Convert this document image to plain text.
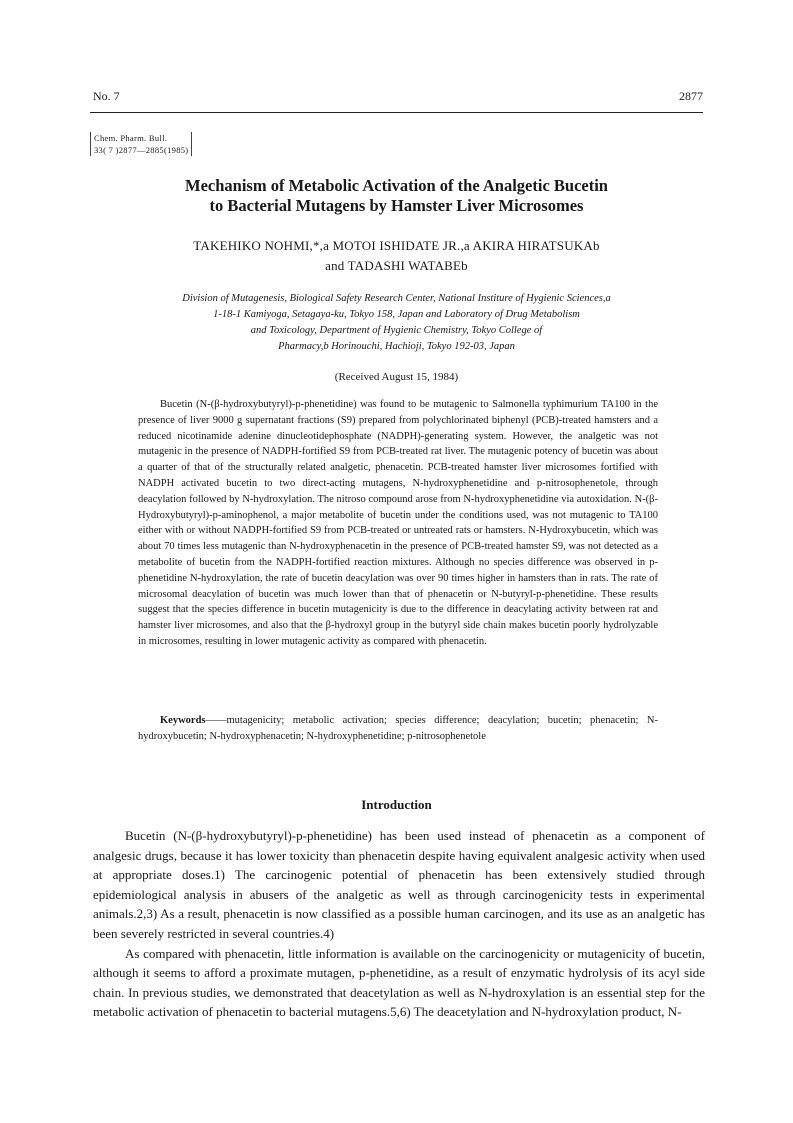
No. 7	2877
Chem. Pharm. Bull.
33( 7 )2877—2885(1985)
Mechanism of Metabolic Activation of the Analgetic Bucetin
to Bacterial Mutagens by Hamster Liver Microsomes
TAKEHIKO NOHMI,*,a MOTOI ISHIDATE JR.,a AKIRA HIRATSUKAb
and TADASHI WATABEb
Division of Mutagenesis, Biological Safety Research Center, National Institure of Hygienic Sciences,a
1-18-1 Kamiyoga, Setagaya-ku, Tokyo 158, Japan and Laboratory of Drug Metabolism
and Toxicology, Department of Hygienic Chemistry, Tokyo College of
Pharmacy,b Horinouchi, Hachioji, Tokyo 192-03, Japan
(Received August 15, 1984)
Bucetin (N-(β-hydroxybutyryl)-p-phenetidine) was found to be mutagenic to Salmonella typhimurium TA100 in the presence of liver 9000 g supernatant fractions (S9) prepared from polychlorinated biphenyl (PCB)-treated hamsters and a reduced nicotinamide adenine dinucleotidephosphate (NADPH)-generating system. However, the analgetic was not mutagenic in the presence of NADPH-fortified S9 from PCB-treated rat liver. The mutagenic potency of bucetin was about a quarter of that of the structurally related analgetic, phenacetin. PCB-treated hamster liver microsomes fortified with NADPH activated bucetin to two direct-acting mutagens, N-hydroxyphenetidine and p-nitrosophenetole, through deacylation followed by N-hydroxylation. The nitroso compound arose from N-hydroxyphenetidine via autoxidation. N-(β-Hydroxybutyryl)-p-aminophenol, a major metabolite of bucetin under the conditions used, was not mutagenic to TA100 either with or without NADPH-fortified S9 from PCB-treated or untreated rats or hamsters. N-Hydroxybucetin, which was about 70 times less mutagenic than N-hydroxyphenacetin in the presence of PCB-treated hamster S9, was not detected as a metabolite of bucetin from the NADPH-fortified reaction mixtures. Although no species difference was observed in p-phenetidine N-hydroxylation, the rate of bucetin deacylation was over 90 times higher in hamsters than in rats. The rate of microsomal deacylation of bucetin was much lower than that of phenacetin or N-butyryl-p-phenetidine. These results suggest that the species difference in bucetin mutagenicity is due to the difference in deacylating activity between rat and hamster liver microsomes, and also that the β-hydroxyl group in the butyryl side chain makes bucetin poorly hydrolyzable in microsomes, resulting in lower mutagenic activity as compared with phenacetin.
Keywords——mutagenicity; metabolic activation; species difference; deacylation; bucetin; phenacetin; N-hydroxybucetin; N-hydroxyphenacetin; N-hydroxyphenetidine; p-nitrosophenetole
Introduction

Bucetin (N-(β-hydroxybutyryl)-p-phenetidine) has been used instead of phenacetin as a component of analgesic drugs, because it has lower toxicity than phenacetin despite having equivalent analgesic activity when used at appropriate doses.1) The carcinogenic potential of phenacetin has been extensively studied through epidemiological analysis in abusers of the analgetic as well as through carcinogenicity tests in experimental animals.2,3) As a result, phenacetin is now classified as a possible human carcinogen, and its use as an analgetic has been severely restricted in several countries.4)

As compared with phenacetin, little information is available on the carcinogenicity or mutagenicity of bucetin, although it seems to afford a proximate mutagen, p-phenetidine, as a result of enzymatic hydrolysis of its acyl side chain. In previous studies, we demonstrated that deacetylation as well as N-hydroxylation is an essential step for the metabolic activation of phenacetin to bacterial mutagens.5,6) The deacetylation and N-hydroxylation product, N-
